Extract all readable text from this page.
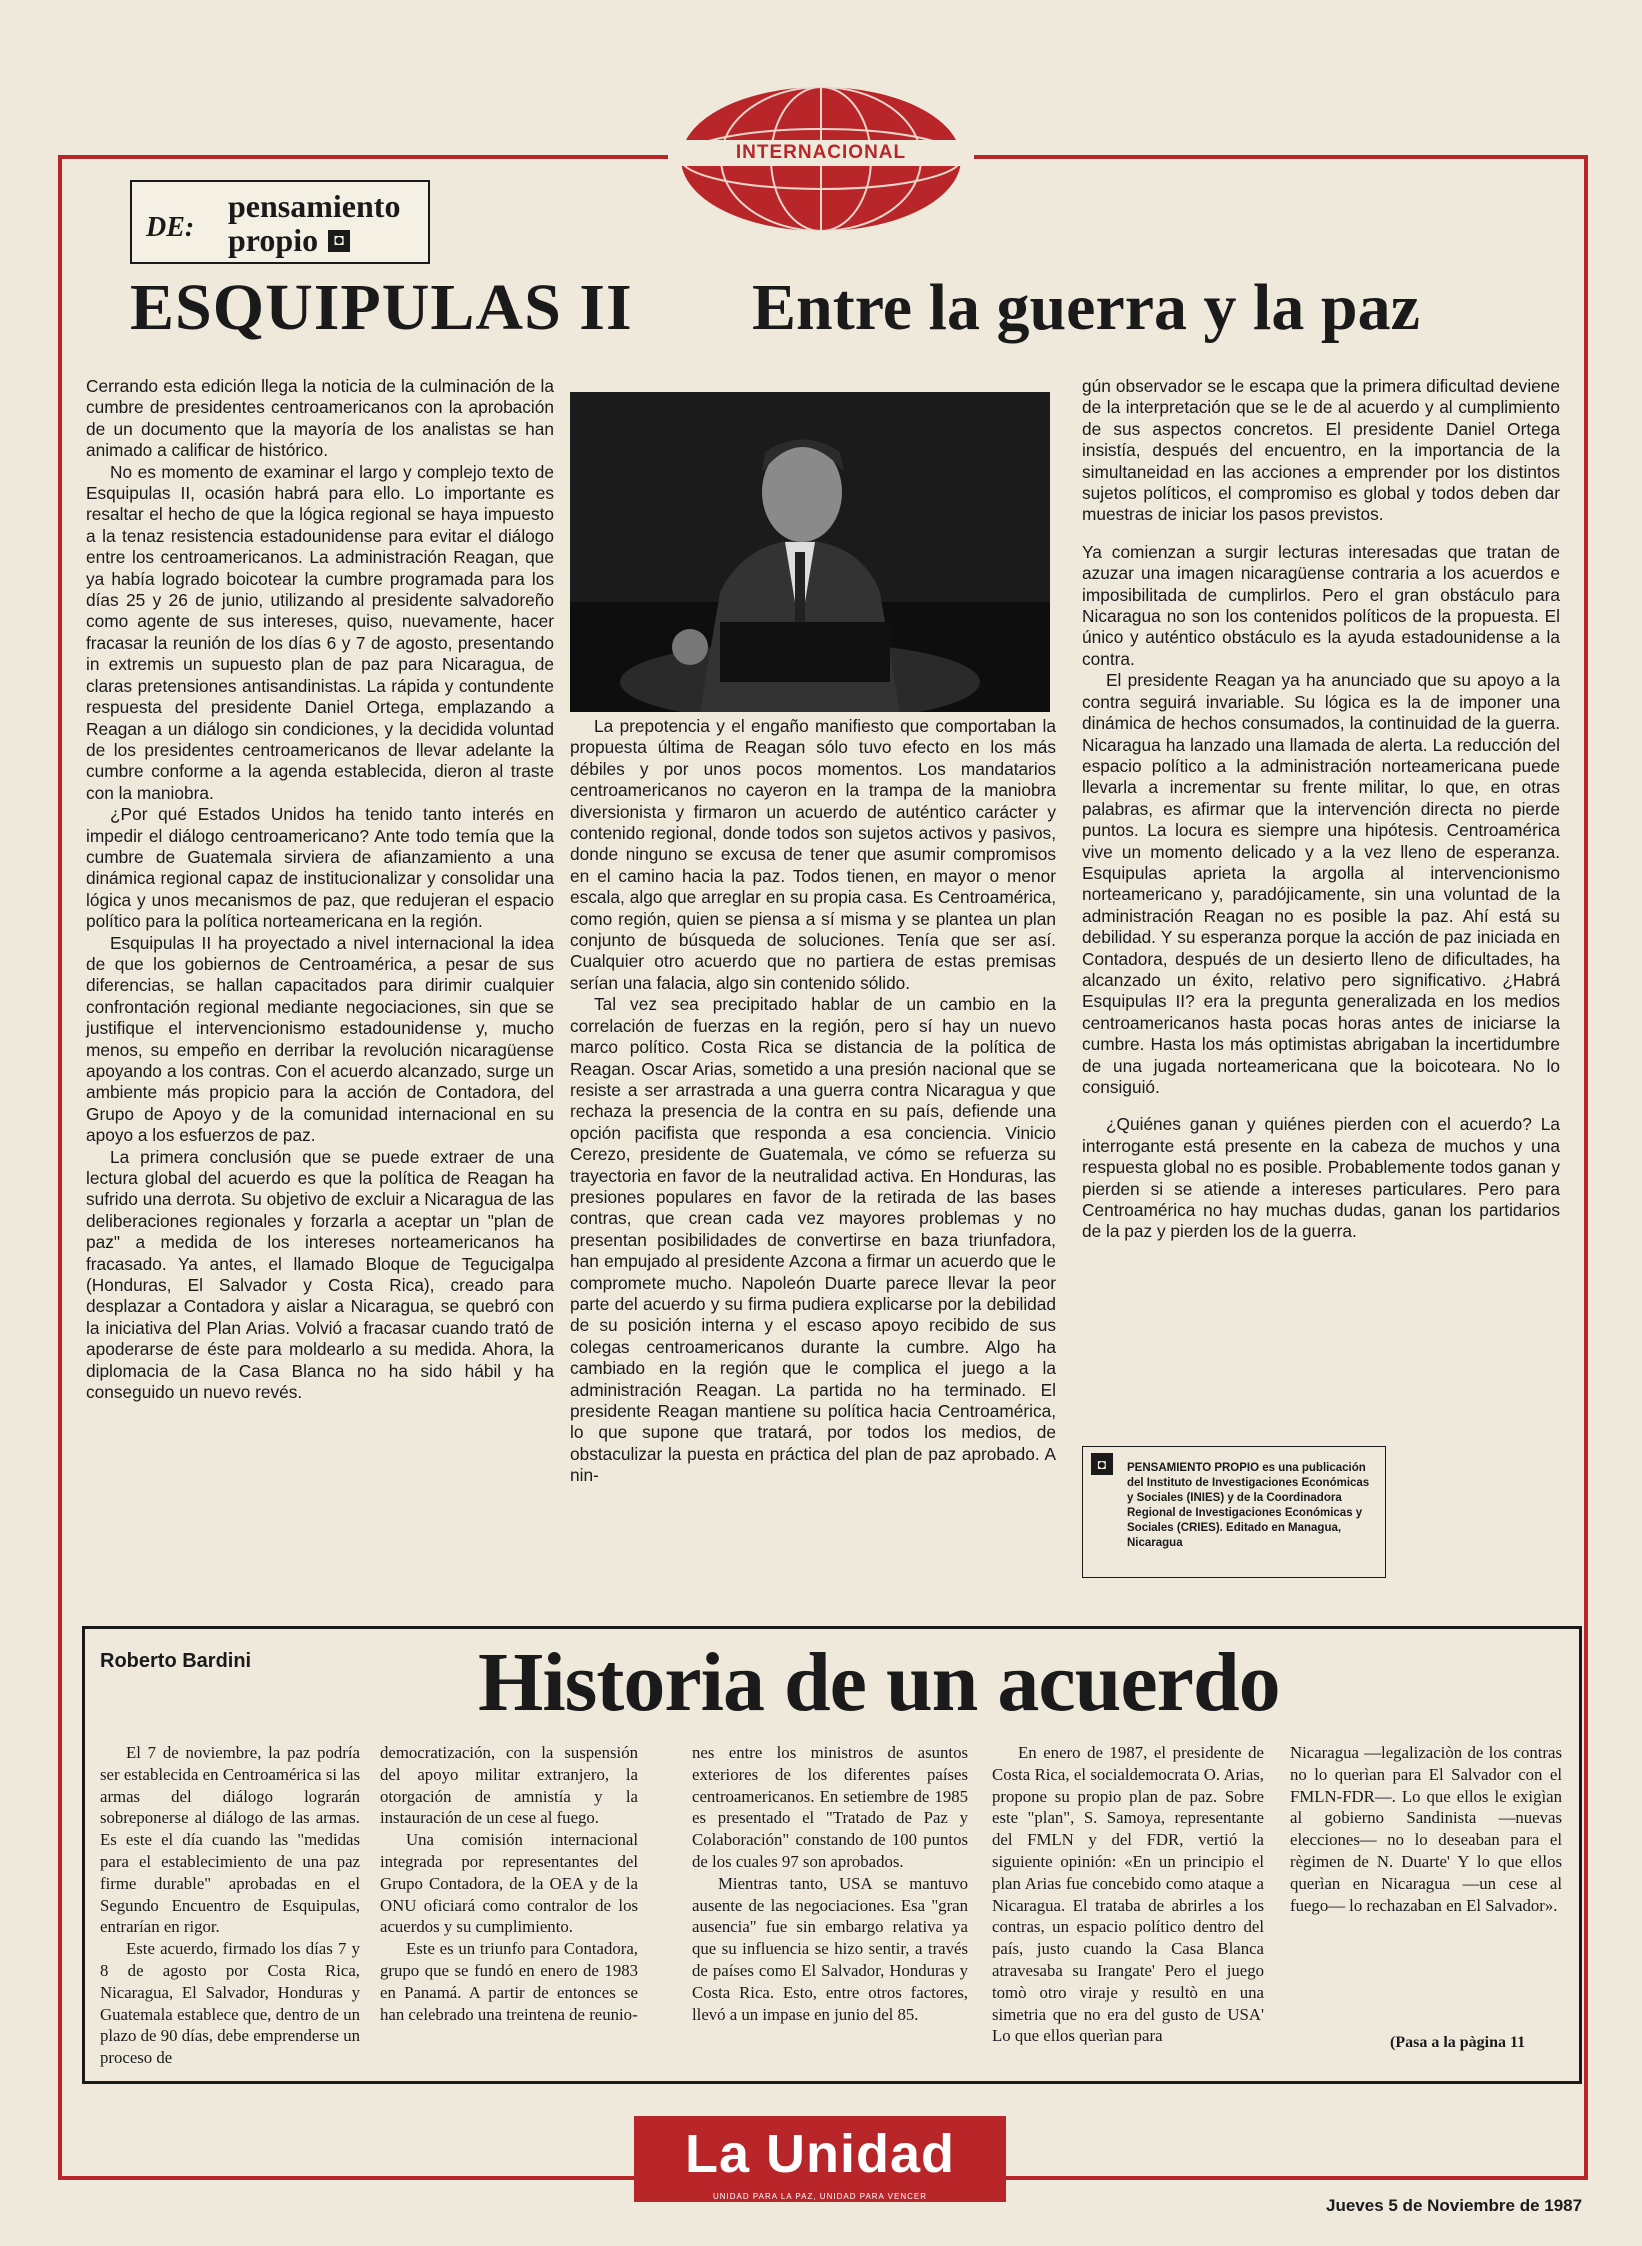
INTERNACIONAL
DE:
pensamiento
propio	◘
ESQUIPULAS II Entre la guerra y la paz

Cerrando esta edición llega la noticia de la culminación de la cumbre de presidentes centroamericanos con la aprobación de un documento que la mayoría de los analistas se han animado a calificar de histórico.

No es momento de examinar el largo y complejo texto de Esquipulas II, ocasión habrá para ello. Lo importante es resaltar el hecho de que la lógica regional se haya impuesto a la tenaz resistencia estadounidense para evitar el diálogo entre los centroamericanos. La administración Reagan, que ya había logrado boicotear la cumbre programada para los días 25 y 26 de junio, utilizando al presidente salvadoreño como agente de sus intereses, quiso, nuevamente, hacer fracasar la reunión de los días 6 y 7 de agosto, presentando in extremis un supuesto plan de paz para Nicaragua, de claras pretensiones antisandinistas. La rápida y contundente respuesta del presidente Daniel Ortega, emplazando a Reagan a un diálogo sin condiciones, y la decidida voluntad de los presidentes centroamericanos de llevar adelante la cumbre conforme a la agenda establecida, dieron al traste con la maniobra.

¿Por qué Estados Unidos ha tenido tanto interés en impedir el diálogo centroamericano? Ante todo temía que la cumbre de Guatemala sirviera de afianzamiento a una dinámica regional capaz de institucionalizar y consolidar una lógica y unos mecanismos de paz, que redujeran el espacio político para la política norteamericana en la región.

Esquipulas II ha proyectado a nivel internacional la idea de que los gobiernos de Centroamérica, a pesar de sus diferencias, se hallan capacitados para dirimir cualquier confrontación regional mediante negociaciones, sin que se justifique el intervencionismo estadounidense y, mucho menos, su empeño en derribar la revolución nicaragüense apoyando a los contras. Con el acuerdo alcanzado, surge un ambiente más propicio para la acción de Contadora, del Grupo de Apoyo y de la comunidad internacional en su apoyo a los esfuerzos de paz.

La primera conclusión que se puede extraer de una lectura global del acuerdo es que la política de Reagan ha sufrido una derrota. Su objetivo de excluir a Nicaragua de las deliberaciones regionales y forzarla a aceptar un "plan de paz" a medida de los intereses norteamericanos ha fracasado. Ya antes, el llamado Bloque de Tegucigalpa (Honduras, El Salvador y Costa Rica), creado para desplazar a Contadora y aislar a Nicaragua, se quebró con la iniciativa del Plan Arias. Volvió a fracasar cuando trató de apoderarse de éste para moldearlo a su medida. Ahora, la diplomacia de la Casa Blanca no ha sido hábil y ha conseguido un nuevo revés.

La prepotencia y el engaño manifiesto que comportaban la propuesta última de Reagan sólo tuvo efecto en los más débiles y por unos pocos momentos. Los mandatarios centroamericanos no cayeron en la trampa de la maniobra diversionista y firmaron un acuerdo de auténtico carácter y contenido regional, donde todos son sujetos activos y pasivos, donde ninguno se excusa de tener que asumir compromisos en el camino hacia la paz. Todos tienen, en mayor o menor escala, algo que arreglar en su propia casa. Es Centroamérica, como región, quien se piensa a sí misma y se plantea un plan conjunto de búsqueda de soluciones. Tenía que ser así. Cualquier otro acuerdo que no partiera de estas premisas serían una falacia, algo sin contenido sólido.

Tal vez sea precipitado hablar de un cambio en la correlación de fuerzas en la región, pero sí hay un nuevo marco político. Costa Rica se distancia de la política de Reagan. Oscar Arias, sometido a una presión nacional que se resiste a ser arrastrada a una guerra contra Nicaragua y que rechaza la presencia de la contra en su país, defiende una opción pacifista que responda a esa conciencia. Vinicio Cerezo, presidente de Guatemala, ve cómo se refuerza su trayectoria en favor de la neutralidad activa. En Honduras, las presiones populares en favor de la retirada de las bases contras, que crean cada vez mayores problemas y no presentan posibilidades de convertirse en baza triunfadora, han empujado al presidente Azcona a firmar un acuerdo que le compromete mucho. Napoleón Duarte parece llevar la peor parte del acuerdo y su firma pudiera explicarse por la debilidad de su posición interna y el escaso apoyo recibido de sus colegas centroamericanos durante la cumbre. Algo ha cambiado en la región que le complica el juego a la administración Reagan. La partida no ha terminado. El presidente Reagan mantiene su política hacia Centroamérica, lo que supone que tratará, por todos los medios, de obstaculizar la puesta en práctica del plan de paz aprobado. A nin-

gún observador se le escapa que la primera dificultad deviene de la interpretación que se le de al acuerdo y al cumplimiento de sus aspectos concretos. El presidente Daniel Ortega insistía, después del encuentro, en la importancia de la simultaneidad en las acciones a emprender por los distintos sujetos políticos, el compromiso es global y todos deben dar muestras de iniciar los pasos previstos.

Ya comienzan a surgir lecturas interesadas que tratan de azuzar una imagen nicaragüense contraria a los acuerdos e imposibilitada de cumplirlos. Pero el gran obstáculo para Nicaragua no son los contenidos políticos de la propuesta. El único y auténtico obstáculo es la ayuda estadounidense a la contra.

El presidente Reagan ya ha anunciado que su apoyo a la contra seguirá invariable. Su lógica es la de imponer una dinámica de hechos consumados, la continuidad de la guerra. Nicaragua ha lanzado una llamada de alerta. La reducción del espacio político a la administración norteamericana puede llevarla a incrementar su frente militar, lo que, en otras palabras, es afirmar que la intervención directa no pierde puntos. La locura es siempre una hipótesis. Centroamérica vive un momento delicado y a la vez lleno de esperanza. Esquipulas aprieta la argolla al intervencionismo norteamericano y, paradójicamente, sin una voluntad de la administración Reagan no es posible la paz. Ahí está su debilidad. Y su esperanza porque la acción de paz iniciada en Contadora, después de un desierto lleno de dificultades, ha alcanzado un éxito, relativo pero significativo. ¿Habrá Esquipulas II? era la pregunta generalizada en los medios centroamericanos hasta pocas horas antes de iniciarse la cumbre. Hasta los más optimistas abrigaban la incertidumbre de una jugada norteamericana que la boicoteara. No lo consiguió.

¿Quiénes ganan y quiénes pierden con el acuerdo? La interrogante está presente en la cabeza de muchos y una respuesta global no es posible. Probablemente todos ganan y pierden si se atiende a intereses particulares. Pero para Centroamérica no hay muchas dudas, ganan los partidarios de la paz y pierden los de la guerra.

◘	PENSAMIENTO PROPIO es una publicación del Instituto de Investigaciones Económicas y Sociales (INIES) y de la Coordinadora Regional de Investigaciones Económicas y Sociales (CRIES). Editado en Managua, Nicaragua
Roberto Bardini	Historia de un acuerdo

El 7 de noviembre, la paz podría ser establecida en Centroamérica si las armas del diálogo lograrán sobreponerse al diálogo de las armas. Es este el día cuando las "medidas para el establecimiento de una paz firme durable" aprobadas en el Segundo Encuentro de Esquipulas, entrarían en rigor.

Este acuerdo, firmado los días 7 y 8 de agosto por Costa Rica, Nicaragua, El Salvador, Honduras y Guatemala establece que, dentro de un plazo de 90 días, debe emprenderse un proceso de

democratización, con la suspensión del apoyo militar extranjero, la otorgación de amnistía y la instauración de un cese al fuego.

Una comisión internacional integrada por representantes del Grupo Contadora, de la OEA y de la ONU oficiará como contralor de los acuerdos y su cumplimiento.

Este es un triunfo para Contadora, grupo que se fundó en enero de 1983 en Panamá. A partir de entonces se han celebrado una treintena de reunio-

nes entre los ministros de asuntos exteriores de los diferentes países centroamericanos. En setiembre de 1985 es presentado el "Tratado de Paz y Colaboración" constando de 100 puntos de los cuales 97 son aprobados.

Mientras tanto, USA se mantuvo ausente de las negociaciones. Esa "gran ausencia" fue sin embargo relativa ya que su influencia se hizo sentir, a través de países como El Salvador, Honduras y Costa Rica. Esto, entre otros factores, llevó a un impase en junio del 85.

En enero de 1987, el presidente de Costa Rica, el socialdemocrata O. Arias, propone su propio plan de paz. Sobre este "plan", S. Samoya, representante del FMLN y del FDR, vertió la siguiente opinión: «En un principio el plan Arias fue concebido como ataque a Nicaragua. El trataba de abrirles a los contras, un espacio político dentro del país, justo cuando la Casa Blanca atravesaba su Irangate' Pero el juego tomò otro viraje y resultò en una simetria que no era del gusto de USA' Lo que ellos querìan para

Nicaragua —legalizaciòn de los contras no lo querìan para El Salvador con el FMLN-FDR—. Lo que ellos le exigìan al gobierno Sandinista —nuevas elecciones— no lo deseaban para el règimen de N. Duarte' Y lo que ellos querìan en Nicaragua —un cese al fuego— lo rechazaban en El Salvador».

(Pasa a la pàgina 11
La Unidad
UNIDAD PARA LA PAZ, UNIDAD PARA VENCER	Jueves 5 de Noviembre de 1987
